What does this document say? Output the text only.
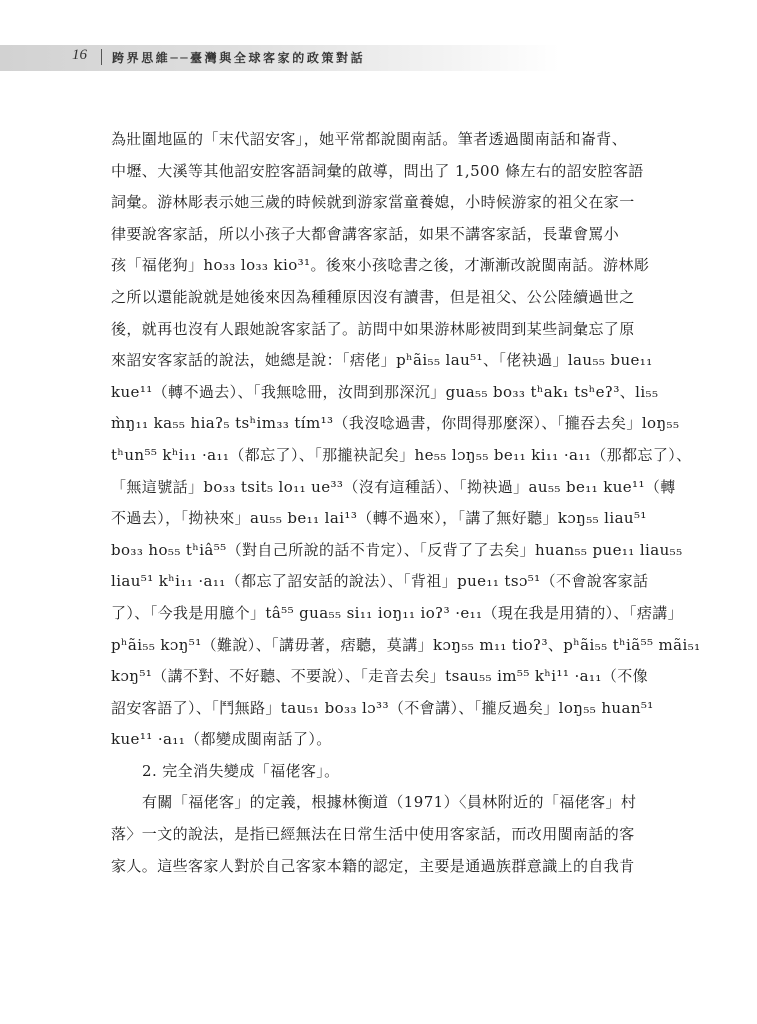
16 跨界思維──臺灣與全球客家的政策對話
為壯圍地區的「末代詔安客」，她平常都說閩南話。筆者透過閩南話和崙背、
中壢、大溪等其他詔安腔客語詞彙的啟導，問出了 1,500 條左右的詔安腔客語
詞彙。游林彫表示她三歲的時候就到游家當童養媳，小時候游家的祖父在家一
律要說客家話，所以小孩子大都會講客家話，如果不講客家話，長輩會罵小
孩「福佬狗」ho₃₃ lo₃₃ kio³¹。後來小孩唸書之後，才漸漸改說閩南話。游林彫
之所以還能說就是她後來因為種種原因沒有讀書，但是祖父、公公陸續過世之
後，就再也沒有人跟她說客家話了。訪問中如果游林彫被問到某些詞彙忘了原
來詔安客家話的說法，她總是說：「痞佬」pʰãi₅₅ lau⁵¹、「佬袂過」lau₅₅ bue₁₁
kue¹¹（轉不過去）、「我無唸冊，汝問到那深沉」gua₅₅ bo₃₃ tʰak₁ tsʰeʔ³、li₅₅
m̀ŋ₁₁ ka₅₅ hiaʔ₅ tsʰim₃₃ tím¹³（我沒唸過書，你問得那麼深）、「攏吞去矣」loŋ₅₅
tʰun⁵⁵ kʰi₁₁ ·a₁₁（都忘了）、「那攏袂記矣」he₅₅ lɔŋ₅₅ be₁₁ ki₁₁ ·a₁₁（那都忘了）、
「無這號話」bo₃₃ tsit₅ lo₁₁ ue³³（沒有這種話）、「拗袂過」au₅₅ be₁₁ kue¹¹（轉
不過去），「拗袂來」au₅₅ be₁₁ lai¹³（轉不過來），「講了無好聽」kɔŋ₅₅ liau⁵¹
bo₃₃ ho₅₅ tʰiâ⁵⁵（對自己所說的話不肯定）、「反背了了去矣」huan₅₅ pue₁₁ liau₅₅
liau⁵¹ kʰi₁₁ ·a₁₁（都忘了詔安話的說法）、「背祖」pue₁₁ tsɔ⁵¹（不會說客家話
了）、「今我是用臆个」tâ⁵⁵ gua₅₅ si₁₁ ioŋ₁₁ ioʔ³ ·e₁₁（現在我是用猜的）、「痞講」
pʰãi₅₅ kɔŋ⁵¹（難說）、「講毋著，痞聽，莫講」kɔŋ₅₅ m₁₁ tioʔ³、pʰãi₅₅ tʰiã⁵⁵ mãi₅₁
kɔŋ⁵¹（講不對、不好聽、不要說）、「走音去矣」tsau₅₅ im⁵⁵ kʰi¹¹ ·a₁₁（不像
詔安客語了）、「鬥無路」tau₅₁ bo₃₃ lɔ³³（不會講）、「攏反過矣」loŋ₅₅ huan⁵¹
kue¹¹ ·a₁₁（都變成閩南話了）。
2. 完全消失變成「福佬客」。
有關「福佬客」的定義，根據林衡道（1971）〈員林附近的「福佬客」村
落〉一文的說法，是指已經無法在日常生活中使用客家話，而改用閩南話的客
家人。這些客家人對於自己客家本籍的認定，主要是通過族群意識上的自我肯
